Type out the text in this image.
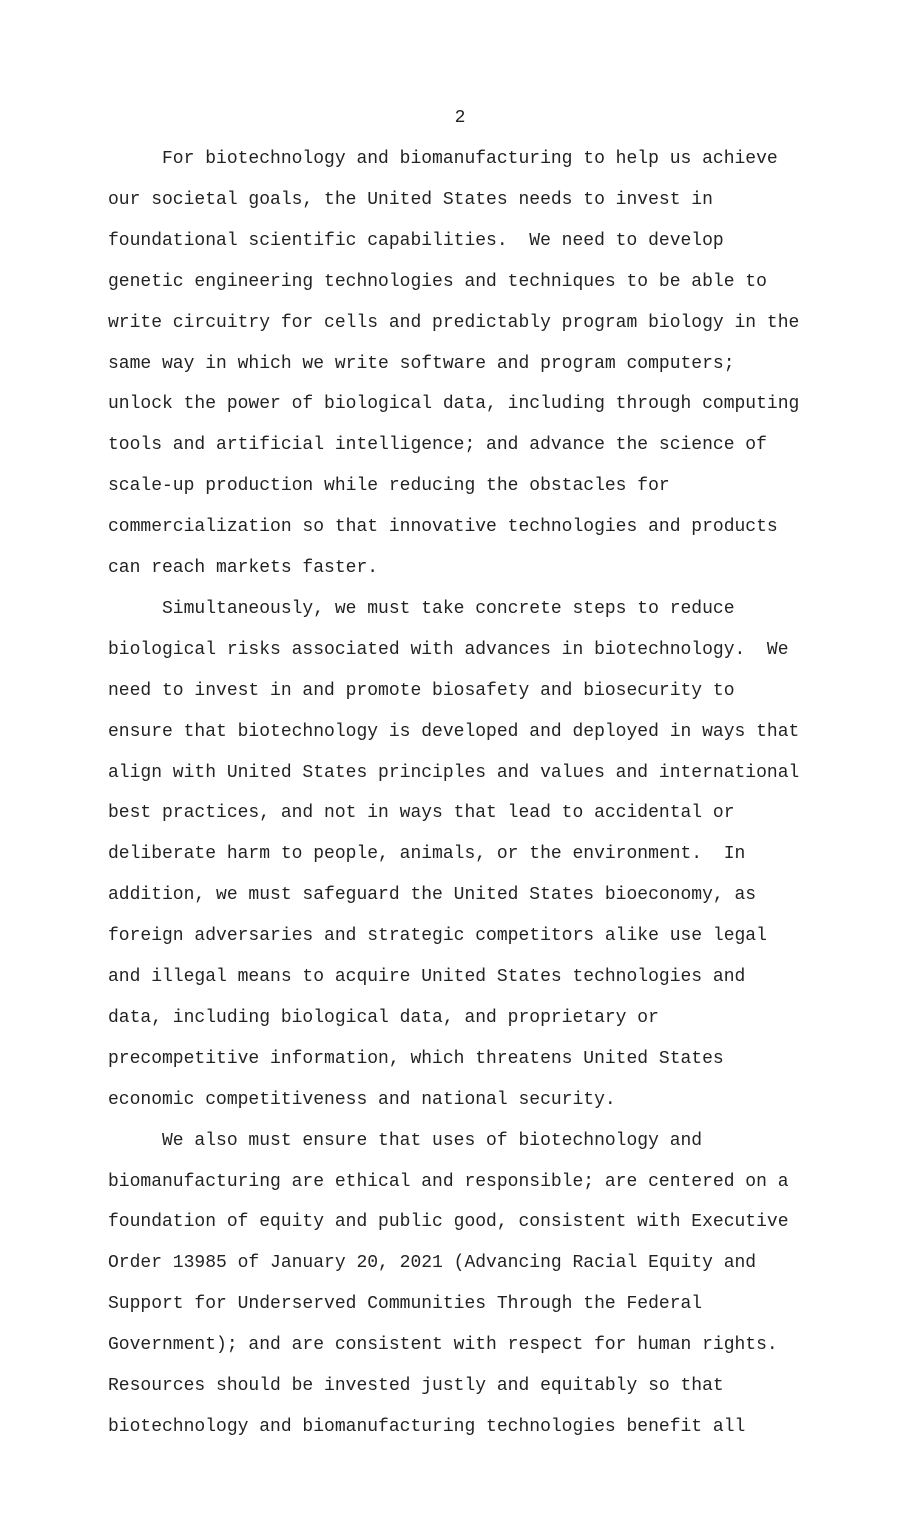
2
For biotechnology and biomanufacturing to help us achieve
our societal goals, the United States needs to invest in
foundational scientific capabilities.  We need to develop
genetic engineering technologies and techniques to be able to
write circuitry for cells and predictably program biology in the
same way in which we write software and program computers;
unlock the power of biological data, including through computing
tools and artificial intelligence; and advance the science of
scale-up production while reducing the obstacles for
commercialization so that innovative technologies and products
can reach markets faster.
Simultaneously, we must take concrete steps to reduce
biological risks associated with advances in biotechnology.  We
need to invest in and promote biosafety and biosecurity to
ensure that biotechnology is developed and deployed in ways that
align with United States principles and values and international
best practices, and not in ways that lead to accidental or
deliberate harm to people, animals, or the environment.  In
addition, we must safeguard the United States bioeconomy, as
foreign adversaries and strategic competitors alike use legal
and illegal means to acquire United States technologies and
data, including biological data, and proprietary or
precompetitive information, which threatens United States
economic competitiveness and national security.
We also must ensure that uses of biotechnology and
biomanufacturing are ethical and responsible; are centered on a
foundation of equity and public good, consistent with Executive
Order 13985 of January 20, 2021 (Advancing Racial Equity and
Support for Underserved Communities Through the Federal
Government); and are consistent with respect for human rights.
Resources should be invested justly and equitably so that
biotechnology and biomanufacturing technologies benefit all
